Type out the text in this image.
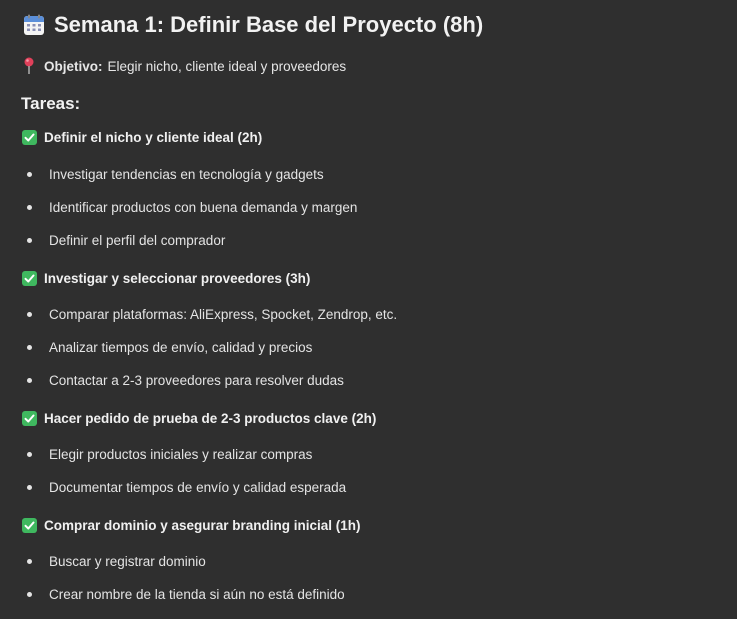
Semana 1: Definir Base del Proyecto (8h)
Objetivo: Elegir nicho, cliente ideal y proveedores
Tareas:
Definir el nicho y cliente ideal (2h)
Investigar tendencias en tecnología y gadgets
Identificar productos con buena demanda y margen
Definir el perfil del comprador
Investigar y seleccionar proveedores (3h)
Comparar plataformas: AliExpress, Spocket, Zendrop, etc.
Analizar tiempos de envío, calidad y precios
Contactar a 2-3 proveedores para resolver dudas
Hacer pedido de prueba de 2-3 productos clave (2h)
Elegir productos iniciales y realizar compras
Documentar tiempos de envío y calidad esperada
Comprar dominio y asegurar branding inicial (1h)
Buscar y registrar dominio
Crear nombre de la tienda si aún no está definido
